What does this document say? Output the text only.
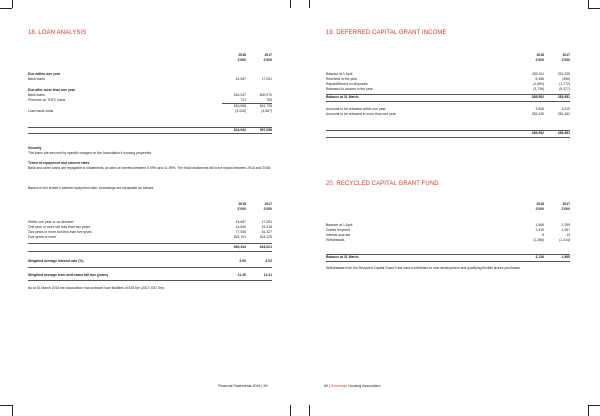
18. LOAN ANALYSIS
2018
£'000
2017
£'000
Due within one year
Bank loans	14,087	17,051
Due after more than one year
Bank loans	616,247	600,970
Premium on THFC loans	721	755
616,968	601,725
Loan issue costs	(3,026)	(4,667)
613,942	597,058
Security
The loans are secured by specific charges on the Association's housing properties.
Terms of repayment and interest rates
Bank and other loans are repayable in instalments, at rates of interest between 0.99% and 11.99%. The final instalments fall to be repaid between 2018 and 2048.
Based on the lender's earliest repayment date, borrowings are repayable as follows:
2018
£'000
2017
£'000
Within one year or on demand	14,087	17,051
One year or more but less than two years	14,540	15,318
Two years or more but less than five years	77,006	61,427
Five years or more	524,701	524,225
630,334	618,021
Weighted average interest rate (%)	3.90	4.02
Weighted average term until loans fall due (years)	11.30	11.21
As at 31 March 2018 the Association has undrawn loan facilities of £49.5m (2017: £57.5m).
Financial Statements 2018 | 59
19. DEFERRED CAPITAL GRANT INCOME
2018
£'000
2017
£'000
Balance at 1 April	283,911	291,326
Received in the year	8,456	(496)
Repaid/Moved on disposals	(2,680)	(1,772)
Released to income in the year	(3,736)	(5,377)
Balance at 31 March	285,952	283,981
Amounts to be released within one year	3,526	3,419
Amounts to be released in more than one year	283,426	281,462
285,952	283,981
20. RECYCLED CAPITAL GRANT FUND
2018
£'000
2017
£'000
Balance at 1 April	1,965	2,299
Grants recycled	2,419	1,067
Interest accrued	8	13
Withdrawals	(1,266)	(1,414)
Balance at 31 March	3,126	1,965
Withdrawals from the Recycled Capital Grant Fund have contributed to new development and qualifying flexible tenure purchases.
60 | Sovereign Housing Association
